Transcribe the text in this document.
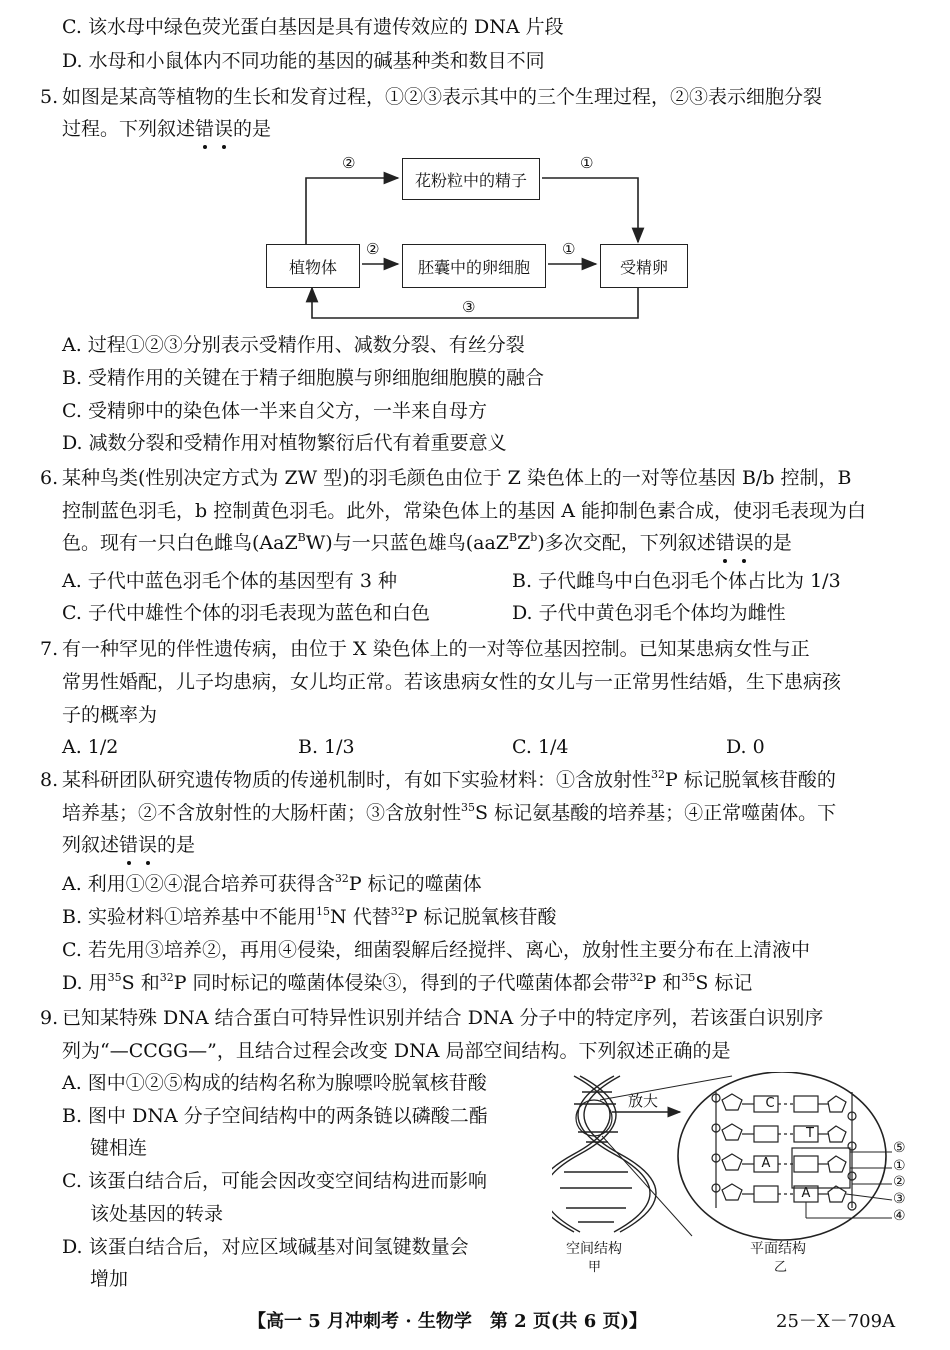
C. 该水母中绿色荧光蛋白基因是具有遗传效应的 DNA 片段
D. 水母和小鼠体内不同功能的基因的碱基种类和数目不同
5. 如图是某高等植物的生长和发育过程，①②③表示其中的三个生理过程，②③表示细胞分裂
过程。下列叙述错误的是
植物体
花粉粒中的精子
胚囊中的卵细胞	受精卵
②	①
②	①
③
A. 过程①②③分别表示受精作用、减数分裂、有丝分裂
B. 受精作用的关键在于精子细胞膜与卵细胞细胞膜的融合
C. 受精卵中的染色体一半来自父方，一半来自母方
D. 减数分裂和受精作用对植物繁衍后代有着重要意义
6. 某种鸟类(性别决定方式为 ZW 型)的羽毛颜色由位于 Z 染色体上的一对等位基因 B/b 控制，B
控制蓝色羽毛，b 控制黄色羽毛。此外，常染色体上的基因 A 能抑制色素合成，使羽毛表现为白
色。现有一只白色雌鸟(AaZ$^B$W)与一只蓝色雄鸟$(aaZ^BZ^b)$多次交配，下列叙述错误的是
A. 子代中蓝色羽毛个体的基因型有 3 种	B. 子代雌鸟中白色羽毛个体占比为 1/3
C. 子代中雄性个体的羽毛表现为蓝色和白色	D. 子代中黄色羽毛个体均为雌性
7. 有一种罕见的伴性遗传病，由位于 X 染色体上的一对等位基因控制。已知某患病女性与正
常男性婚配，儿子均患病，女儿均正常。若该患病女性的女儿与一正常男性结婚，生下患病孩
子的概率为
A. 1/2	B. 1/3	C. 1/4	D. 0
8. 某科研团队研究遗传物质的传递机制时，有如下实验材料：①含放射性$^{32}$P 标记脱氧核苷酸的
培养基；②不含放射性的大肠杆菌；③含放射性$^{35}$S 标记氨基酸的培养基；④正常噬菌体。下
列叙述错误的是
A. 利用①②④混合培养可获得含$^{32}$P 标记的噬菌体
B. 实验材料①培养基中不能用$^{15}$N 代替$^{32}$P 标记脱氧核苷酸
C. 若先用③培养②，再用④侵染，细菌裂解后经搅拌、离心，放射性主要分布在上清液中
D. 用$^{35}$S 和$^{32}$P 同时标记的噬菌体侵染③，得到的子代噬菌体都会带$^{32}$P 和$^{35}$S 标记
9. 已知某特殊 DNA 结合蛋白可特异性识别并结合 DNA 分子中的特定序列，若该蛋白识别序
列为“—CCGG—”，且结合过程会改变 DNA 局部空间结构。下列叙述正确的是
A. 图中①②⑤构成的结构名称为腺嘌呤脱氧核苷酸
B. 图中 DNA 分子空间结构中的两条链以磷酸二酯
键相连
C. 该蛋白结合后，可能会因改变空间结构进而影响
该处基因的转录
D. 该蛋白结合后，对应区域碱基对间氢键数量会
增加
放大	C
T
A
A
⑤
①
②
③
④
空间结构
甲
平面结构
乙
【高一 5 月冲刺考 · 生物学　第 2 页(共 6 页)】	25－X－709A
